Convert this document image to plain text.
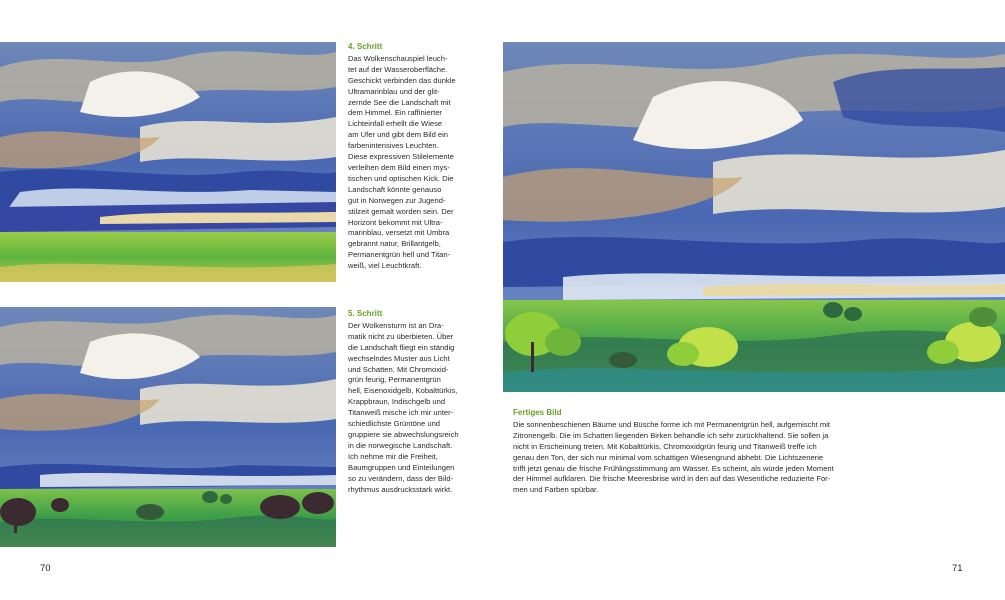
4. Schritt
Das Wolkenschauspiel leuch-
tet auf der Wasseroberfläche.
Geschickt verbinden das dunkle
Ultramarinblau und der glit-
zernde See die Landschaft mit
dem Himmel. Ein raffinierter
Lichteinfall erhellt die Wiese
am Ufer und gibt dem Bild ein
farbenintensives Leuchten.
Diese expressiven Stilelemente
verleihen dem Bild einen mys-
tischen und optischen Kick. Die
Landschaft könnte genauso
gut in Norwegen zur Jugend-
stilzeit gemalt worden sein. Der
Horizont bekommt mit Ultra-
marinblau, versetzt mit Umbra
gebrannt natur, Brillantgelb,
Permanentgrün hell und Titan-
weiß, viel Leuchtkraft.
5. Schritt
Der Wolkensturm ist an Dra-
matik nicht zu überbieten. Über
die Landschaft fliegt ein ständig
wechselndes Muster aus Licht
und Schatten. Mit Chromoxid-
grün feurig, Permanentgrün
hell, Eisenoxidgelb, Kobalttürkis,
Krappbraun, Indischgelb und
Titanweiß mische ich mir unter-
schiedlichste Grüntöne und
gruppiere sie abwechslungsreich
in die norwegische Landschaft.
Ich nehme mir die Freiheit,
Baumgruppen und Einteilungen
so zu verändern, dass der Bild-
rhythmus ausdrucksstark wirkt.
70
Fertiges Bild
Die sonnenbeschienen Bäume und Büsche forme ich mit Permanentgrün hell, aufgemischt mit
Zitronengelb. Die im Schatten liegenden Birken behandle ich sehr zurückhaltend. Sie sollen ja
nicht in Erscheinung treten. Mit Kobalttürkis, Chromoxidgrün feurig und Titanweiß treffe ich
genau den Ton, der sich nur minimal vom schattigen Wiesengrund abhebt. Die Lichtszenerie
trifft jetzt genau die frische Frühlingsstimmung am Wasser. Es scheint, als würde jeden Moment
der Himmel aufklaren. Die frische Meeresbrise wird in den auf das Wesentliche reduzierte For-
men und Farben spürbar.
71
